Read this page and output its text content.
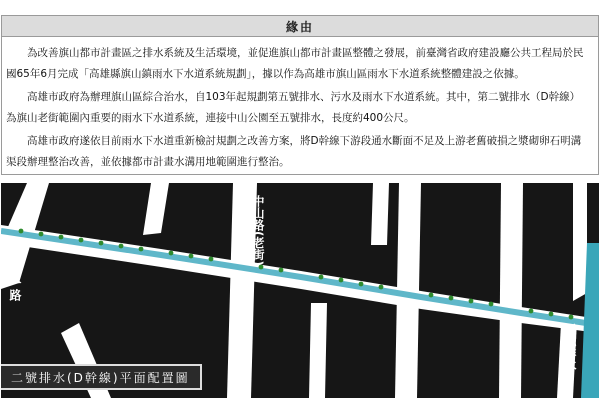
緣由

為改善旗山都市計畫區之排水系統及生活環境，並促進旗山都市計畫區整體之發展，前臺灣省政府建設廳公共工程局於民國65年6月完成「高雄縣旗山鎮雨水下水道系統規劃」，據以作為高雄市旗山區雨水下水道系統整體建設之依據。

高雄市政府為辦理旗山區綜合治水，自103年起規劃第五號排水、污水及雨水下水道系統。其中，第二號排水（D幹線）為旗山老街範圍內重要的雨水下水道系統，連接中山公園至五號排水，長度約400公尺。

高雄市政府遂依目前雨水下水道重新檢討規劃之改善方案，將D幹線下游段通水斷面不足及上游老舊破損之漿砌卵石明溝渠段辦理整治改善，並依據都市計畫水溝用地範圍進行整治。

旗南一路
中山路(老街)	延平一路
五號排水
二號排水(D幹線)平面配置圖
